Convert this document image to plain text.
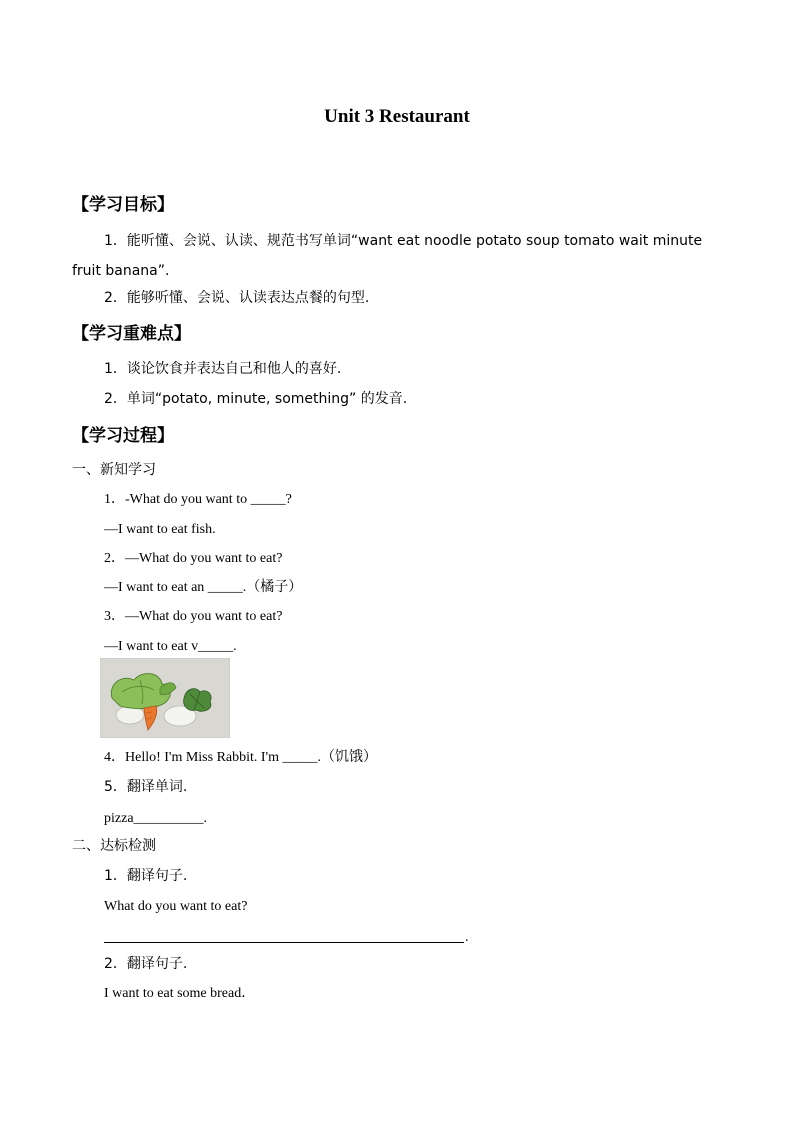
Unit 3 Restaurant
【学习目标】
1．能听懂、会说、认读、规范书写单词“want eat noodle potato soup tomato wait minute
fruit banana”.
2．能够听懂、会说、认读表达点餐的句型.
【学习重难点】
1．谈论饮食并表达自己和他人的喜好.
2．单词“potato, minute, something” 的发音.
【学习过程】
一、新知学习
1．-What do you want to _____?
—I want to eat fish.
2．—What do you want to eat?
—I want to eat an _____.（橘子）
3．—What do you want to eat?
—I want to eat v_____.
4．Hello! I'm Miss Rabbit. I'm _____.（饥饿）
5．翻译单词.
pizza__________.
二、达标检测
1．翻译句子.
What do you want to eat?
.
2．翻译句子.
I want to eat some bread．
